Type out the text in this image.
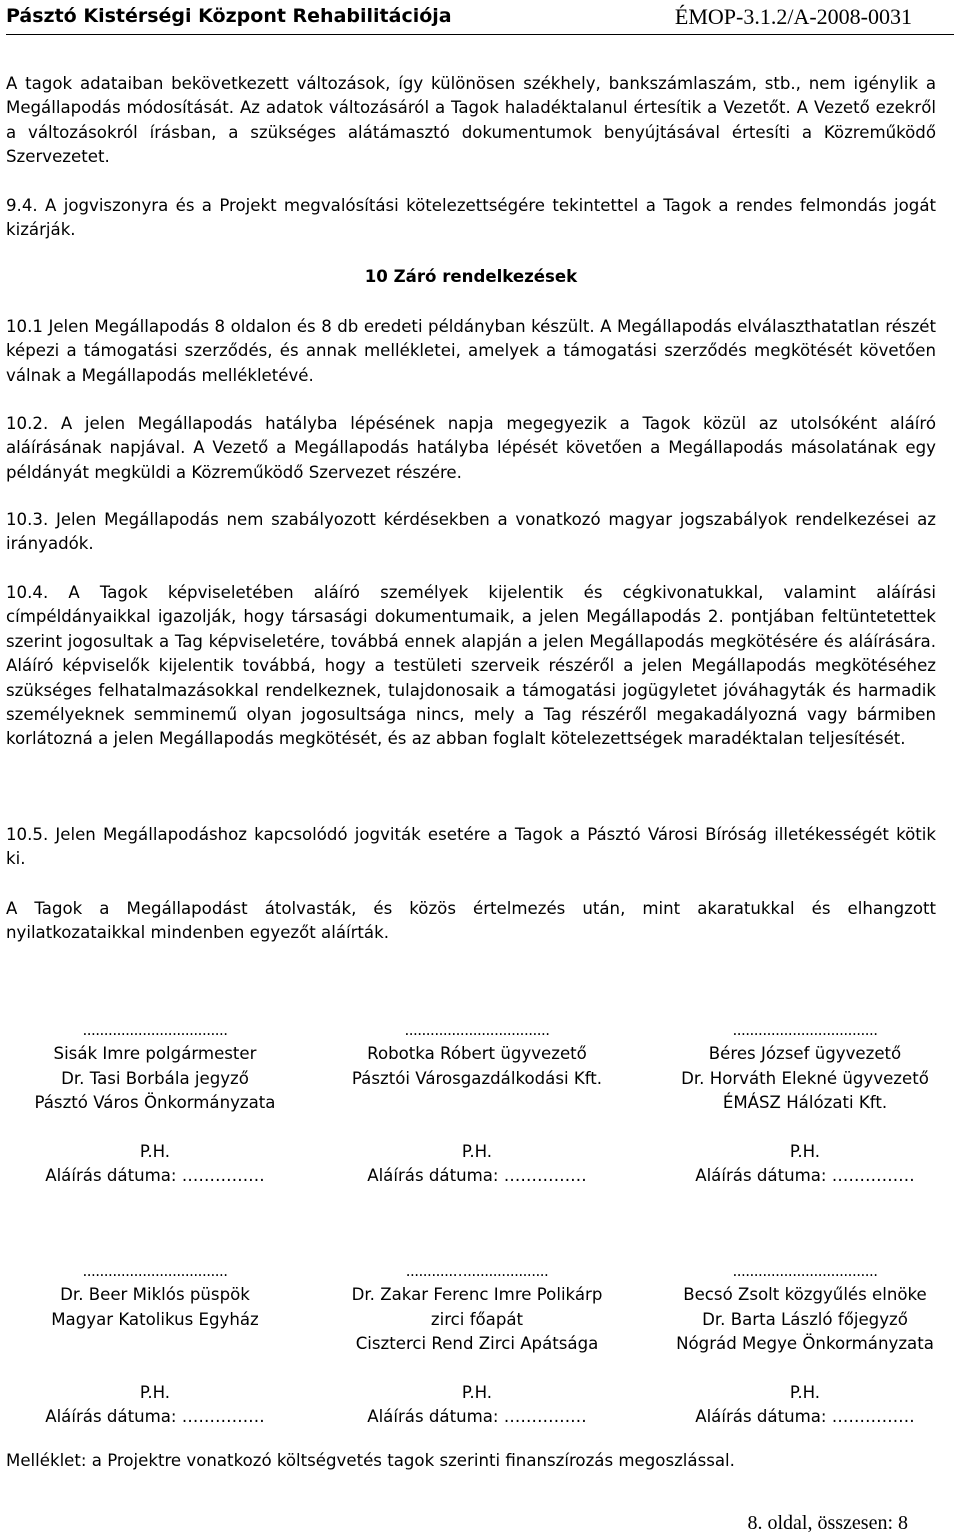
Pásztó Kistérségi Központ Rehabilitációja	ÉMOP-3.1.2/A-2008-0031

A tagok adataiban bekövetkezett változások, így különösen székhely, bankszámlaszám, stb., nem igénylik a Megállapodás módosítását. Az adatok változásáról a Tagok haladéktalanul értesítik a Vezetőt. A Vezető ezekről a változásokról írásban, a szükséges alátámasztó dokumentumok benyújtásával értesíti a Közreműködő Szervezetet.

9.4. A jogviszonyra és a Projekt megvalósítási kötelezettségére tekintettel a Tagok a rendes felmondás jogát kizárják.

10 Záró rendelkezések

10.1 Jelen Megállapodás 8 oldalon és 8 db eredeti példányban készült. A Megállapodás elválaszthatatlan részét képezi a támogatási szerződés, és annak mellékletei, amelyek a támogatási szerződés megkötését követően válnak a Megállapodás mellékletévé.

10.2. A jelen Megállapodás hatályba lépésének napja megegyezik a Tagok közül az utolsóként aláíró aláírásának napjával. A Vezető a Megállapodás hatályba lépését követően a Megállapodás másolatának egy példányát megküldi a Közreműködő Szervezet részére.

10.3. Jelen Megállapodás nem szabályozott kérdésekben a vonatkozó magyar jogszabályok rendelkezései az irányadók.

10.4. A Tagok képviseletében aláíró személyek kijelentik és cégkivonatukkal, valamint aláírási címpéldányaikkal igazolják, hogy társasági dokumentumaik, a jelen Megállapodás 2. pontjában feltüntetettek szerint jogosultak a Tag képviseletére, továbbá ennek alapján a jelen Megállapodás megkötésére és aláírására. Aláíró képviselők kijelentik továbbá, hogy a testületi szerveik részéről a jelen Megállapodás megkötéséhez szükséges felhatalmazásokkal rendelkeznek, tulajdonosaik a támogatási jogügyletet jóváhagyták és harmadik személyeknek semminemű olyan jogosultsága nincs, mely a Tag részéről megakadályozná vagy bármiben korlátozná a jelen Megállapodás megkötését, és az abban foglalt kötelezettségek maradéktalan teljesítését.

10.5. Jelen Megállapodáshoz kapcsolódó jogviták esetére a Tagok a Pásztó Városi Bíróság illetékességét kötik ki.

A Tagok a Megállapodást átolvasták, és közös értelmezés után, mint akaratukkal és elhangzott nyilatkozataikkal mindenben egyezőt aláírták.

..................................
Sisák Imre polgármester
Dr. Tasi Borbála jegyző
Pásztó Város Önkormányzata
P.H.
Aláírás dátuma: ……………
..................................
Robotka Róbert ügyvezető
Pásztói Városgazdálkodási Kft.

P.H.
Aláírás dátuma: ……………
..................................
Béres József ügyvezető
Dr. Horváth Elekné ügyvezető
ÉMÁSZ Hálózati Kft.
P.H.
Aláírás dátuma: ……………
..................................
Dr. Beer Miklós püspök
Magyar Katolikus Egyház

P.H.
Aláírás dátuma: ……………
...........…...................
Dr. Zakar Ferenc Imre Polikárp
zirci főapát
Ciszterci Rend Zirci Apátsága
P.H.
Aláírás dátuma: ……………
..................................
Becsó Zsolt közgyűlés elnöke
Dr. Barta László főjegyző
Nógrád Megye Önkormányzata
P.H.
Aláírás dátuma: ……………
Melléklet: a Projektre vonatkozó költségvetés tagok szerinti finanszírozás megoszlással.
8. oldal, összesen: 8
